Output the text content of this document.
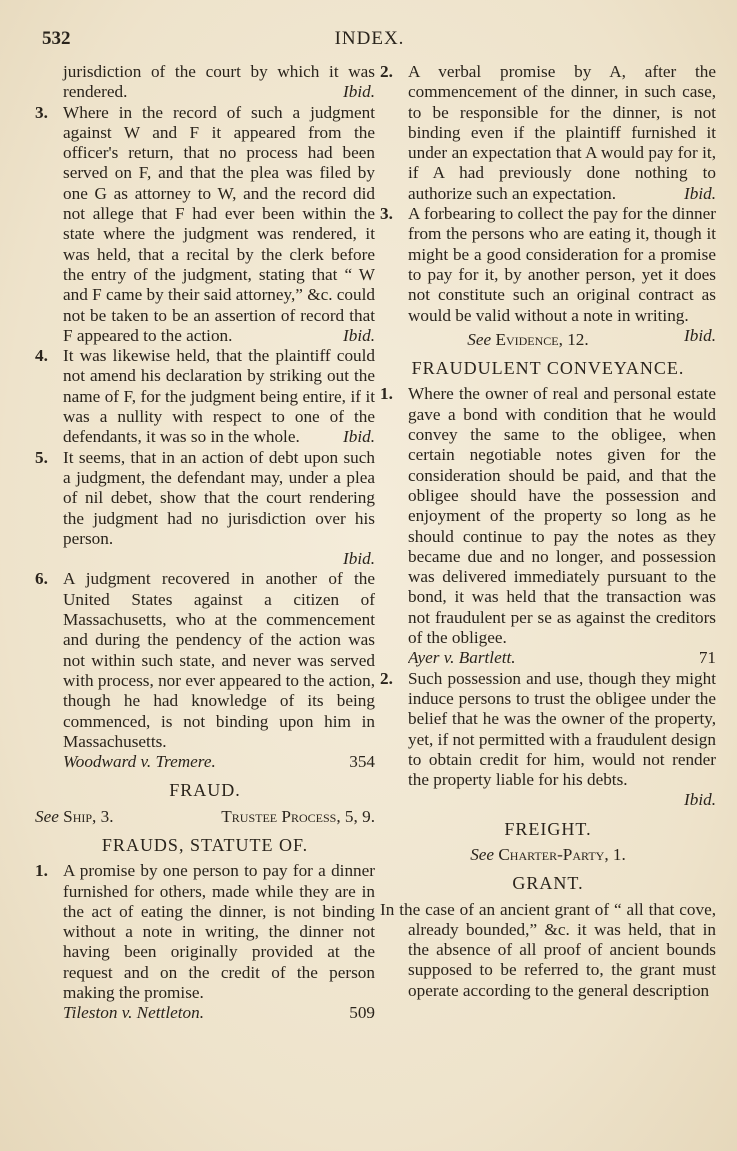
532	INDEX.
jurisdiction of the court by which it was rendered.	Ibid.
3. Where in the record of such a judgment against W and F it appeared from the officer's return, that no process had been served on F, and that the plea was filed by one G as attorney to W, and the record did not allege that F had ever been within the state where the judgment was rendered, it was held, that a recital by the clerk before the entry of the judgment, stating that “ W and F came by their said attorney,” &c. could not be taken to be an assertion of record that F appeared to the action.	Ibid.
4. It was likewise held, that the plaintiff could not amend his declaration by striking out the name of F, for the judgment being entire, if it was a nullity with respect to one of the defendants, it was so in the whole.	Ibid.
5. It seems, that in an action of debt upon such a judgment, the defendant may, under a plea of nil debet, show that the court rendering the judgment had no jurisdiction over his person.
Ibid.
6. A judgment recovered in another of the United States against a citizen of Massachusetts, who at the commencement and during the pendency of the action was not within such state, and never was served with process, nor ever appeared to the action, though he had knowledge of its being commenced, is not binding upon him in Massachusetts.
Woodward v. Tremere.	354
FRAUD.
See Ship, 3.	Trustee Process, 5, 9.
FRAUDS, STATUTE OF.
1. A promise by one person to pay for a dinner furnished for others, made while they are in the act of eating the dinner, is not binding without a note in writing, the dinner not having been originally provided at the request and on the credit of the person making the promise.
Tileston v. Nettleton.	509
2. A verbal promise by A, after the commencement of the dinner, in such case, to be responsible for the dinner, is not binding even if the plaintiff furnished it under an expectation that A would pay for it, if A had previously done nothing to authorize such an expectation.	Ibid.
3. A forbearing to collect the pay for the dinner from the persons who are eating it, though it might be a good consideration for a promise to pay for it, by another person, yet it does not constitute such an original contract as would be valid without a note in writing.
Ibid.
See Evidence, 12.
FRAUDULENT CONVEYANCE.
1. Where the owner of real and personal estate gave a bond with condition that he would convey the same to the obligee, when certain negotiable notes given for the consideration should be paid, and that the obligee should have the possession and enjoyment of the property so long as he should continue to pay the notes as they became due and no longer, and possession was delivered immediately pursuant to the bond, it was held that the transaction was not fraudulent per se as against the creditors of the obligee.
Ayer v. Bartlett.	71
2. Such possession and use, though they might induce persons to trust the obligee under the belief that he was the owner of the property, yet, if not permitted with a fraudulent design to obtain credit for him, would not render the property liable for his debts.
Ibid.
FREIGHT.
See Charter-Party, 1.
GRANT.
In the case of an ancient grant of “ all that cove, already bounded,” &c. it was held, that in the absence of all proof of ancient bounds supposed to be referred to, the grant must operate according to the general description
